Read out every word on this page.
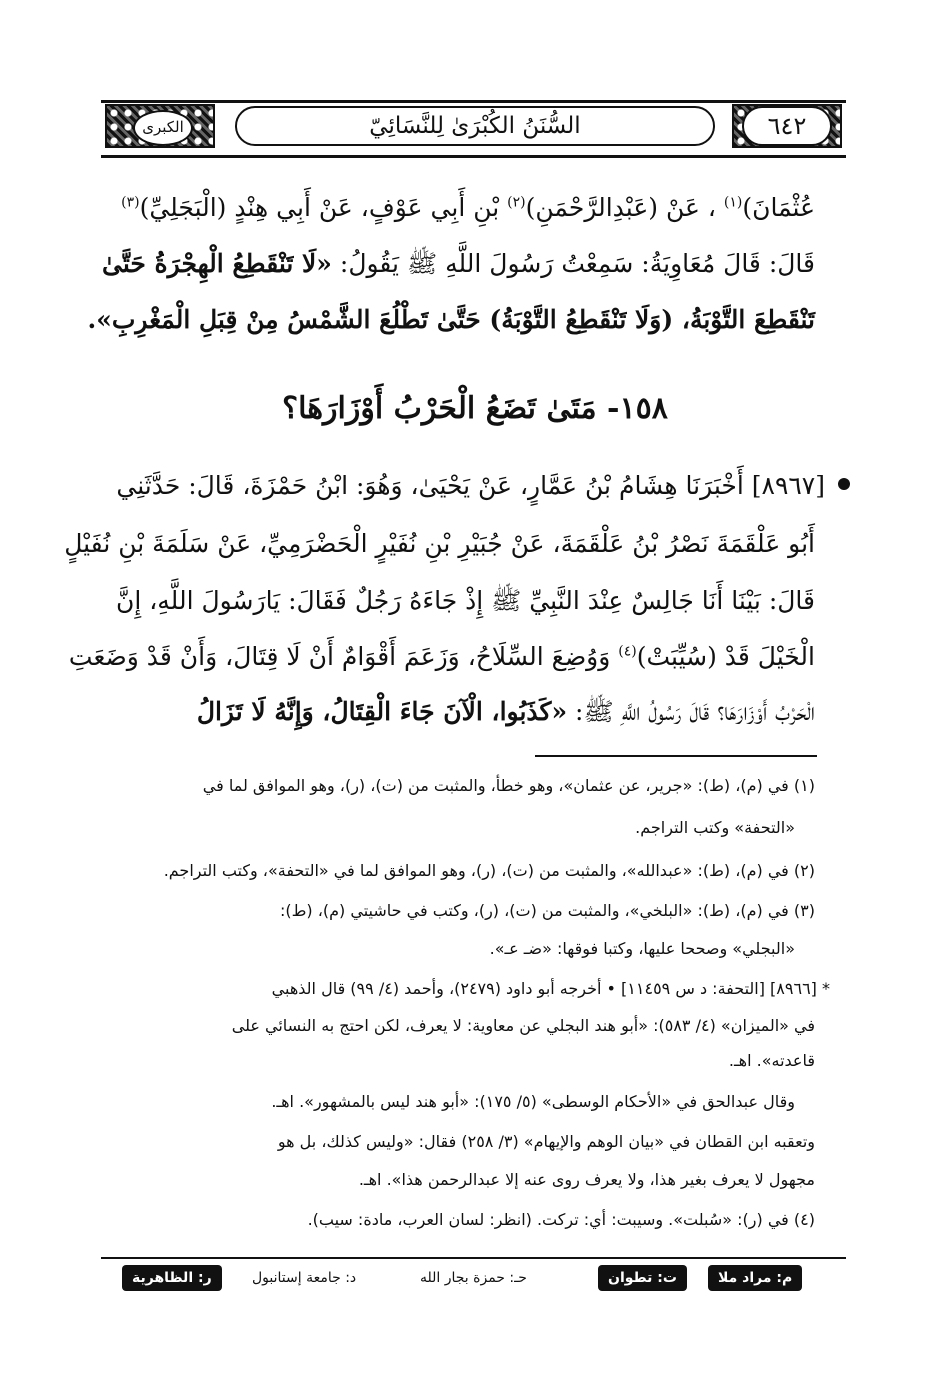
الكبرى	السُّنَنُ الكُبْرَىٰ لِلنَّسَائِيّ	٦٤٢

عُثْمَانَ)$^{(١)}$ ، عَنْ (عَبْدِالرَّحْمَنِ)$^{(٢)}$ بْنِ أَبِي عَوْفٍ، عَنْ أَبِي هِنْدٍ (الْبَجَلِيِّ)$^{(٣)}$

قَالَ: قَالَ مُعَاوِيَةُ: سَمِعْتُ رَسُولَ اللَّهِ ﷺ يَقُولُ: «لَا تَنْقَطِعُ الْهِجْرَةُ حَتَّىٰ

تَنْقَطِعَ التَّوْبَةُ، (وَلَا تَنْقَطِعُ التَّوْبَةُ) حَتَّىٰ تَطْلُعَ الشَّمْسُ مِنْ قِبَلِ الْمَغْرِبِ».

١٥٨- مَتَىٰ تَضَعُ الْحَرْبُ أَوْزَارَهَا؟

[٨٩٦٧] أَخْبَرَنَا هِشَامُ بْنُ عَمَّارٍ، عَنْ يَحْيَىٰ، وَهُوَ: ابْنُ حَمْزَةَ، قَالَ: حَدَّثَنِي

أَبُو عَلْقَمَةَ نَصْرُ بْنُ عَلْقَمَةَ، عَنْ جُبَيْرِ بْنِ نُفَيْرٍ الْحَضْرَمِيِّ، عَنْ سَلَمَةَ بْنِ نُفَيْلٍ

قَالَ: بَيْنَا أَنَا جَالِسٌ عِنْدَ النَّبِيِّ ﷺ إِذْ جَاءَهُ رَجُلٌ فَقَالَ: يَارَسُولَ اللَّهِ، إِنَّ

الْخَيْلَ قَدْ (سُيِّبَتْ)$^{(٤)}$ وَوُضِعَ السِّلَاحُ، وَزَعَمَ أَقْوَامٌ أَنْ لَا قِتَالَ، وَأَنْ قَدْ وَضَعَتِ

الْحَرْبُ أَوْزَارَهَا؟ قَالَ رَسُولُ اللَّهِ ﷺ: «كَذَبُوا، الْآنَ جَاءَ الْقِتَالُ، وَإِنَّهُ لَا تَزَالُ

(١) في (م)، (ط): «جرير، عن عثمان»، وهو خطأ، والمثبت من (ت)، (ر)، وهو الموافق لما في

«التحفة» وكتب التراجم.

(٢) في (م)، (ط): «عبدالله»، والمثبت من (ت)، (ر)، وهو الموافق لما في «التحفة»، وكتب التراجم.

(٣) في (م)، (ط): «البلخي»، والمثبت من (ت)، (ر)، وكتب في حاشيتي (م)، (ط):

«البجلي» وصححا عليها، وكتبا فوقها: «ضـ عـ».

* [٨٩٦٦] [التحفة: د س ١١٤٥٩] • أخرجه أبو داود (٢٤٧٩)، وأحمد (٤/ ٩٩) قال الذهبي

في «الميزان» (٤/ ٥٨٣): «أبو هند البجلي عن معاوية: لا يعرف، لكن احتج به النسائي على

قاعدته». اهـ.

وقال عبدالحق في «الأحكام الوسطى» (٥/ ١٧٥): «أبو هند ليس بالمشهور». اهـ.

وتعقبه ابن القطان في «بيان الوهم والإيهام» (٣/ ٢٥٨) فقال: «وليس كذلك، بل هو

مجهول لا يعرف بغير هذا، ولا يعرف روى عنه إلا عبدالرحمن هذا». اهـ.

(٤) في (ر): «سُبلت». وسيبت: أي: تركت. (انظر: لسان العرب، مادة: سيب).

م: مراد ملا
ت: تطوان
حـ: حمزة بجار الله
د: جامعة إستانبول
ر: الظاهرية
